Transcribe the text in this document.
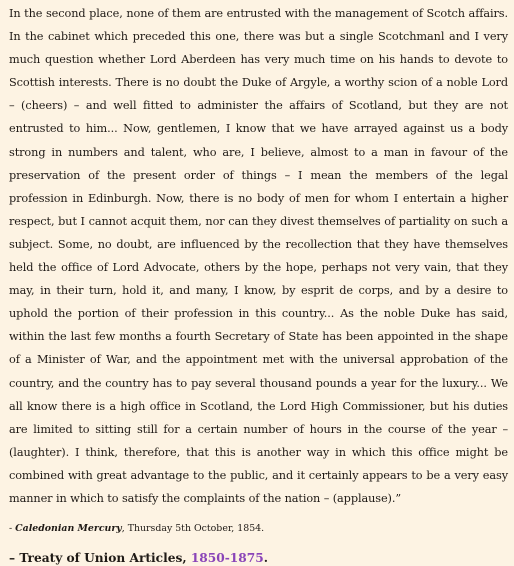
In the second place, none of them are entrusted with the management of Scotch affairs. In the cabinet which preceded this one, there was but a single Scotchmanl and I very much question whether Lord Aberdeen has very much time on his hands to devote to Scottish interests. There is no doubt the Duke of Argyle, a worthy scion of a noble Lord – (cheers) – and well fitted to administer the affairs of Scotland, but they are not entrusted to him... Now, gentlemen, I know that we have arrayed against us a body strong in numbers and talent, who are, I believe, almost to a man in favour of the preservation of the present order of things – I mean the members of the legal profession in Edinburgh. Now, there is no body of men for whom I entertain a higher respect, but I cannot acquit them, nor can they divest themselves of partiality on such a subject. Some, no doubt, are influenced by the recollection that they have themselves held the office of Lord Advocate, others by the hope, perhaps not very vain, that they may, in their turn, hold it, and many, I know, by esprit de corps, and by a desire to uphold the portion of their profession in this country... As the noble Duke has said, within the last few months a fourth Secretary of State has been appointed in the shape of a Minister of War, and the appointment met with the universal approbation of the country, and the country has to pay several thousand pounds a year for the luxury... We all know there is a high office in Scotland, the Lord High Commissioner, but his duties are limited to sitting still for a certain number of hours in the course of the year – (laughter). I think, therefore, that this is another way in which this office might be combined with great advantage to the public, and it certainly appears to be a very easy manner in which to satisfy the complaints of the nation – (applause).”

- Caledonian Mercury, Thursday 5th October, 1854.

– Treaty of Union Articles, 1850-1875.
